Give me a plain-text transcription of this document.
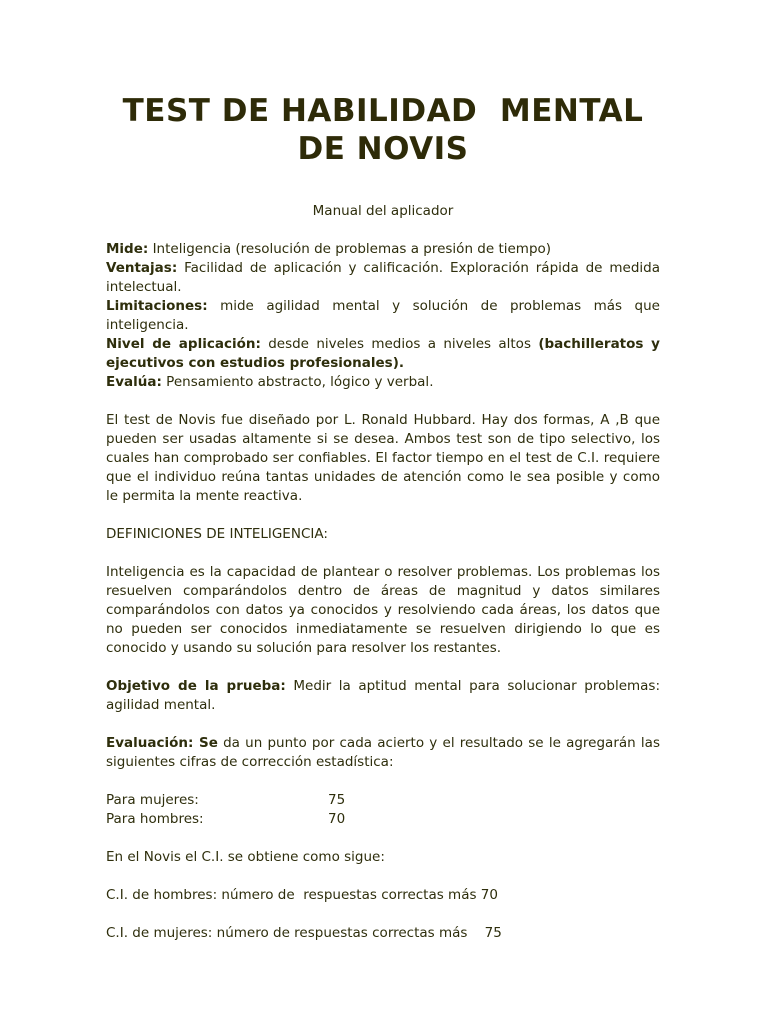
TEST DE HABILIDAD  MENTAL DE NOVIS
Manual del aplicador

Mide: Inteligencia (resolución de problemas a presión de tiempo)

Ventajas: Facilidad de aplicación y calificación. Exploración rápida de medida intelectual.

Limitaciones: mide agilidad mental y solución de problemas más que inteligencia.

Nivel de aplicación: desde niveles medios a niveles altos (bachilleratos y ejecutivos con estudios profesionales).

Evalúa: Pensamiento abstracto, lógico y verbal.

El test de Novis fue diseñado por L. Ronald Hubbard. Hay dos formas, A ,B que pueden ser usadas altamente si se desea. Ambos test son de tipo selectivo, los cuales han comprobado ser confiables. El factor tiempo en el test de C.I. requiere que el individuo reúna tantas unidades de atención como le sea posible y como le permita la mente reactiva.

DEFINICIONES DE INTELIGENCIA:

Inteligencia es la capacidad de plantear o resolver problemas. Los problemas los resuelven comparándolos dentro de áreas de magnitud y datos similares comparándolos con datos ya conocidos y resolviendo cada áreas, los datos que no pueden ser conocidos inmediatamente se resuelven dirigiendo lo que es conocido y usando su solución para resolver los restantes.

Objetivo de la prueba: Medir la aptitud mental para solucionar problemas: agilidad mental.

Evaluación: Se da un punto por cada acierto y el resultado se le agregarán las siguientes cifras de corrección estadística:

Para mujeres:	75
Para hombres:	70

En el Novis el C.I. se obtiene como sigue:

C.I. de hombres: número de  respuestas correctas más 70

C.I. de mujeres: número de respuestas correctas más    75
